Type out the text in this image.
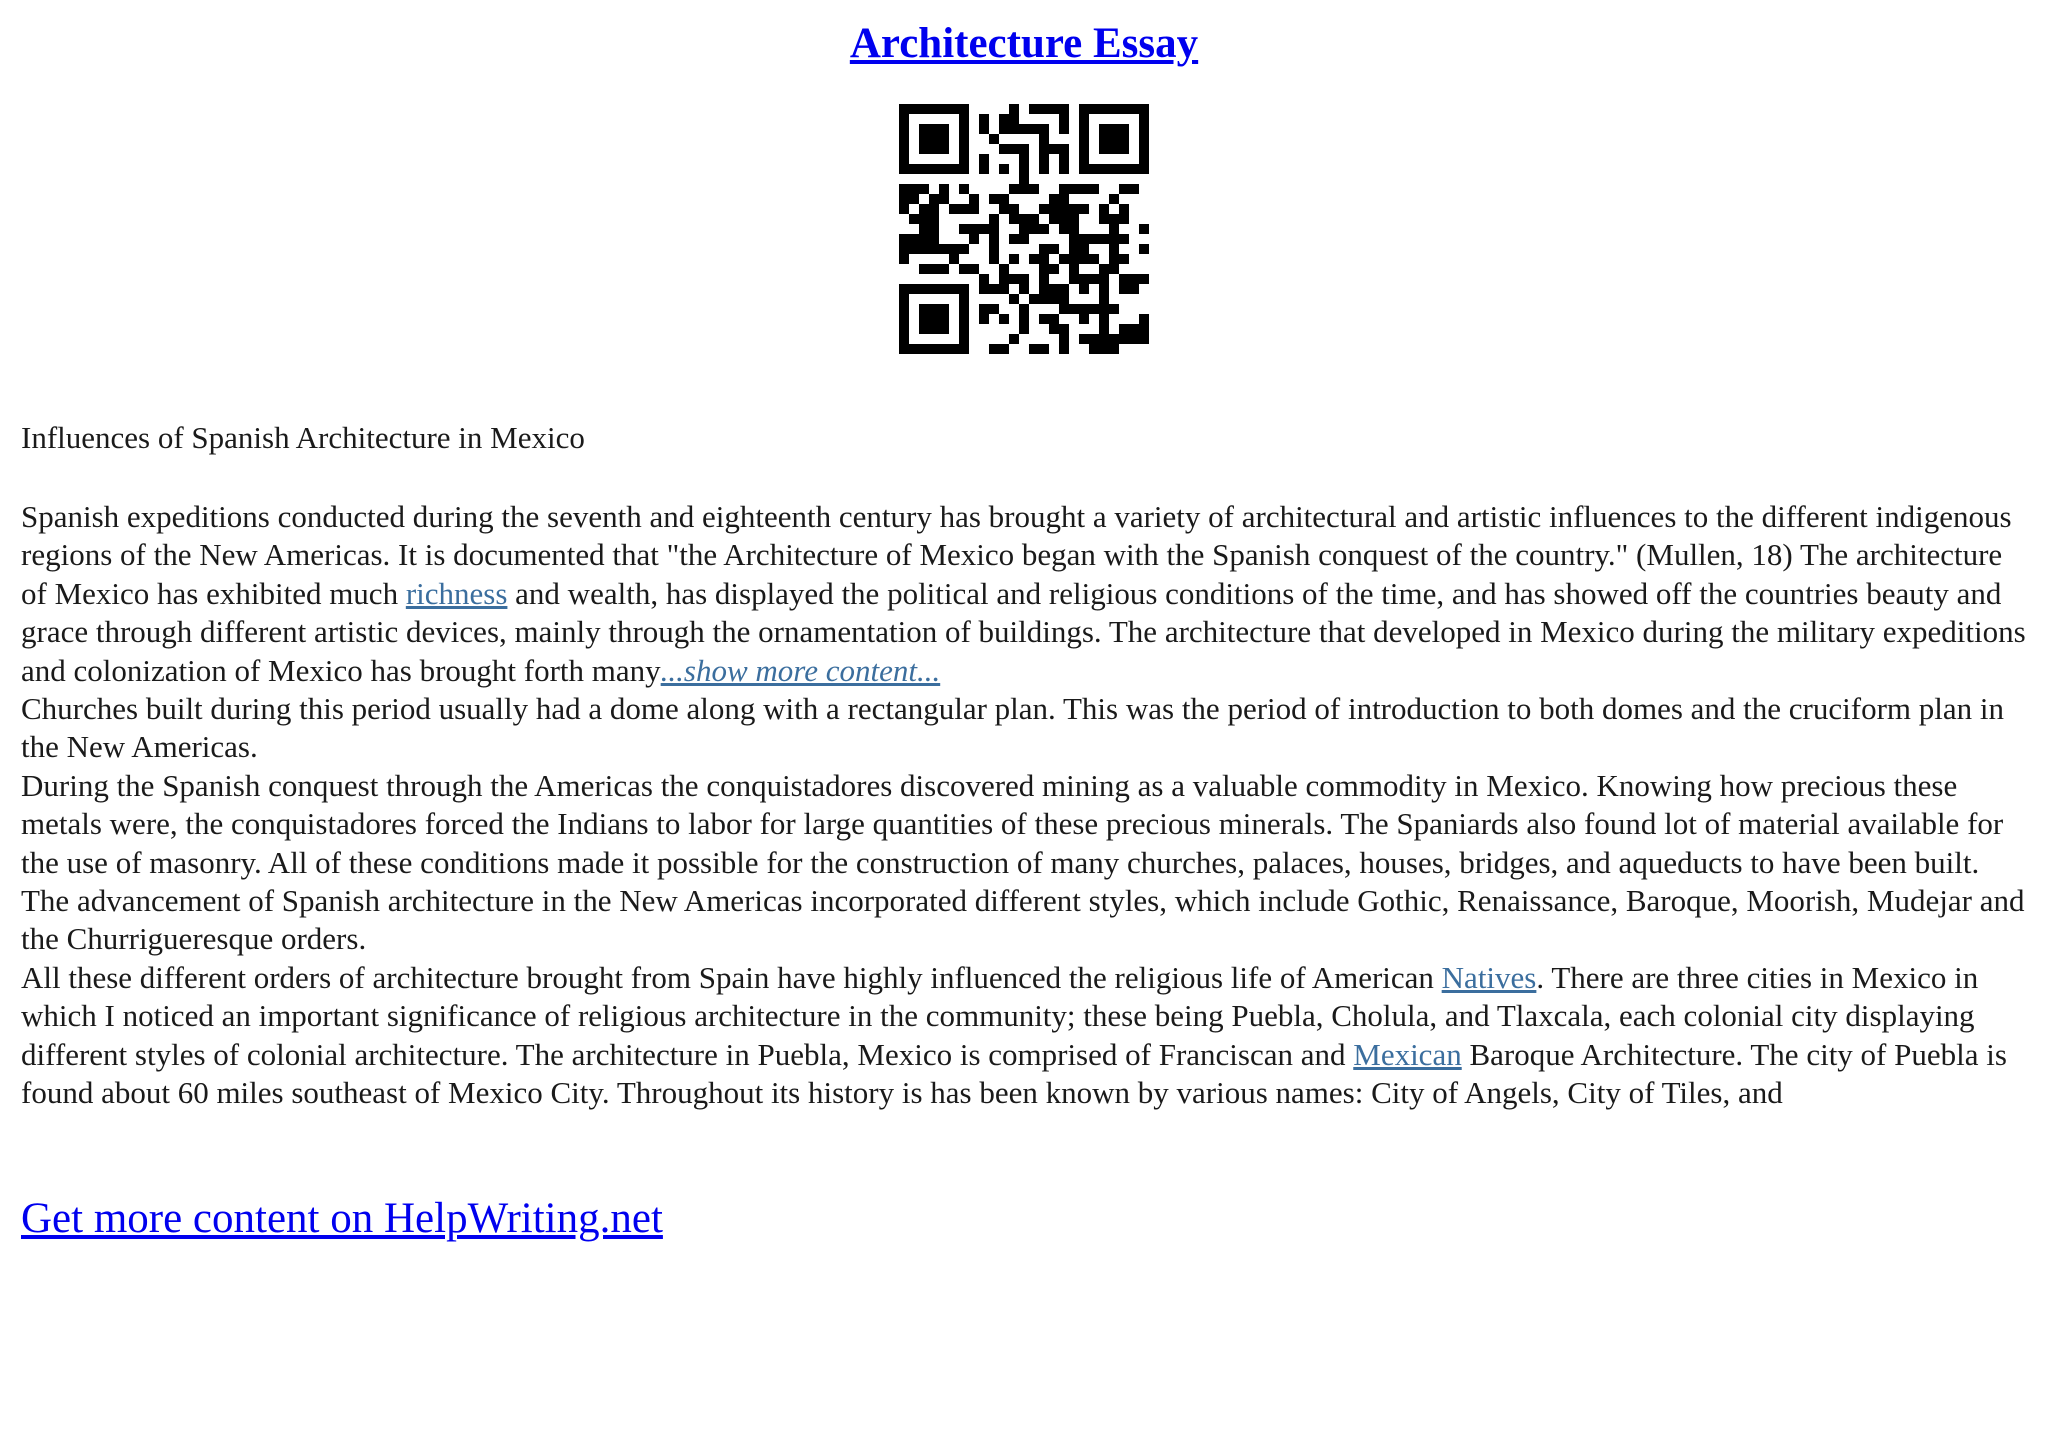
Architecture Essay
Influences of Spanish Architecture in Mexico

Spanish expeditions conducted during the seventh and eighteenth century has brought a variety of architectural and artistic influences to the different indigenous regions of the New Americas. It is documented that "the Architecture of Mexico began with the Spanish conquest of the country." (Mullen, 18) The architecture of Mexico has exhibited much richness and wealth, has displayed the political and religious conditions of the time, and has showed off the countries beauty and grace through different artistic devices, mainly through the ornamentation of buildings. The architecture that developed in Mexico during the military expeditions and colonization of Mexico has brought forth many...show more content...

Churches built during this period usually had a dome along with a rectangular plan. This was the period of introduction to both domes and the cruciform plan in the New Americas.

During the Spanish conquest through the Americas the conquistadores discovered mining as a valuable commodity in Mexico. Knowing how precious these metals were, the conquistadores forced the Indians to labor for large quantities of these precious minerals. The Spaniards also found lot of material available for the use of masonry. All of these conditions made it possible for the construction of many churches, palaces, houses, bridges, and aqueducts to have been built. The advancement of Spanish architecture in the New Americas incorporated different styles, which include Gothic, Renaissance, Baroque, Moorish, Mudejar and the Churrigueresque orders.

All these different orders of architecture brought from Spain have highly influenced the religious life of American Natives. There are three cities in Mexico in which I noticed an important significance of religious architecture in the community; these being Puebla, Cholula, and Tlaxcala, each colonial city displaying different styles of colonial architecture. The architecture in Puebla, Mexico is comprised of Franciscan and Mexican Baroque Architecture. The city of Puebla is found about 60 miles southeast of Mexico City. Throughout its history is has been known by various names: City of Angels, City of Tiles, and

Get more content on HelpWriting.net
